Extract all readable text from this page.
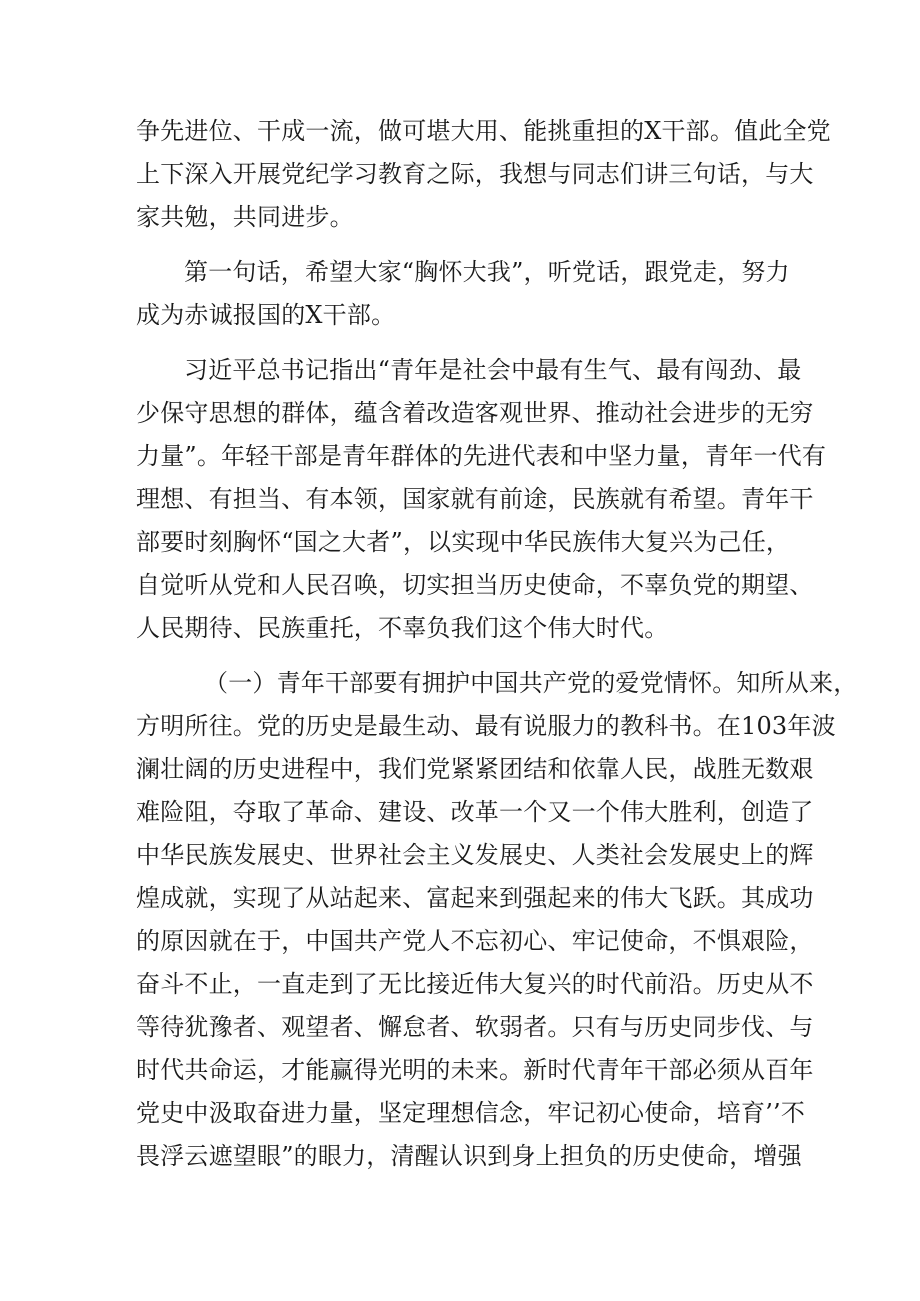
争先进位、干成一流，做可堪大用、能挑重担的X干部。值此全党
上下深入开展党纪学习教育之际，我想与同志们讲三句话，与大
家共勉，共同进步。
第一句话，希望大家“胸怀大我”，听党话，跟党走，努力
成为赤诚报国的X干部。
习近平总书记指出“青年是社会中最有生气、最有闯劲、最
少保守思想的群体，蕴含着改造客观世界、推动社会进步的无穷
力量”。年轻干部是青年群体的先进代表和中坚力量，青年一代有
理想、有担当、有本领，国家就有前途，民族就有希望。青年干
部要时刻胸怀“国之大者”，以实现中华民族伟大复兴为己任，
自觉听从党和人民召唤，切实担当历史使命，不辜负党的期望、
人民期待、民族重托，不辜负我们这个伟大时代。
（一）青年干部要有拥护中国共产党的爱党情怀。知所从来，
方明所往。党的历史是最生动、最有说服力的教科书。在103年波
澜壮阔的历史进程中，我们党紧紧团结和依靠人民，战胜无数艰
难险阻，夺取了革命、建设、改革一个又一个伟大胜利，创造了
中华民族发展史、世界社会主义发展史、人类社会发展史上的辉
煌成就，实现了从站起来、富起来到强起来的伟大飞跃。其成功
的原因就在于，中国共产党人不忘初心、牢记使命，不惧艰险，
奋斗不止，一直走到了无比接近伟大复兴的时代前沿。历史从不
等待犹豫者、观望者、懈怠者、软弱者。只有与历史同步伐、与
时代共命运，才能赢得光明的未来。新时代青年干部必须从百年
党史中汲取奋进力量，坚定理想信念，牢记初心使命，培育’’不
畏浮云遮望眼”的眼力，清醒认识到身上担负的历史使命，增强
